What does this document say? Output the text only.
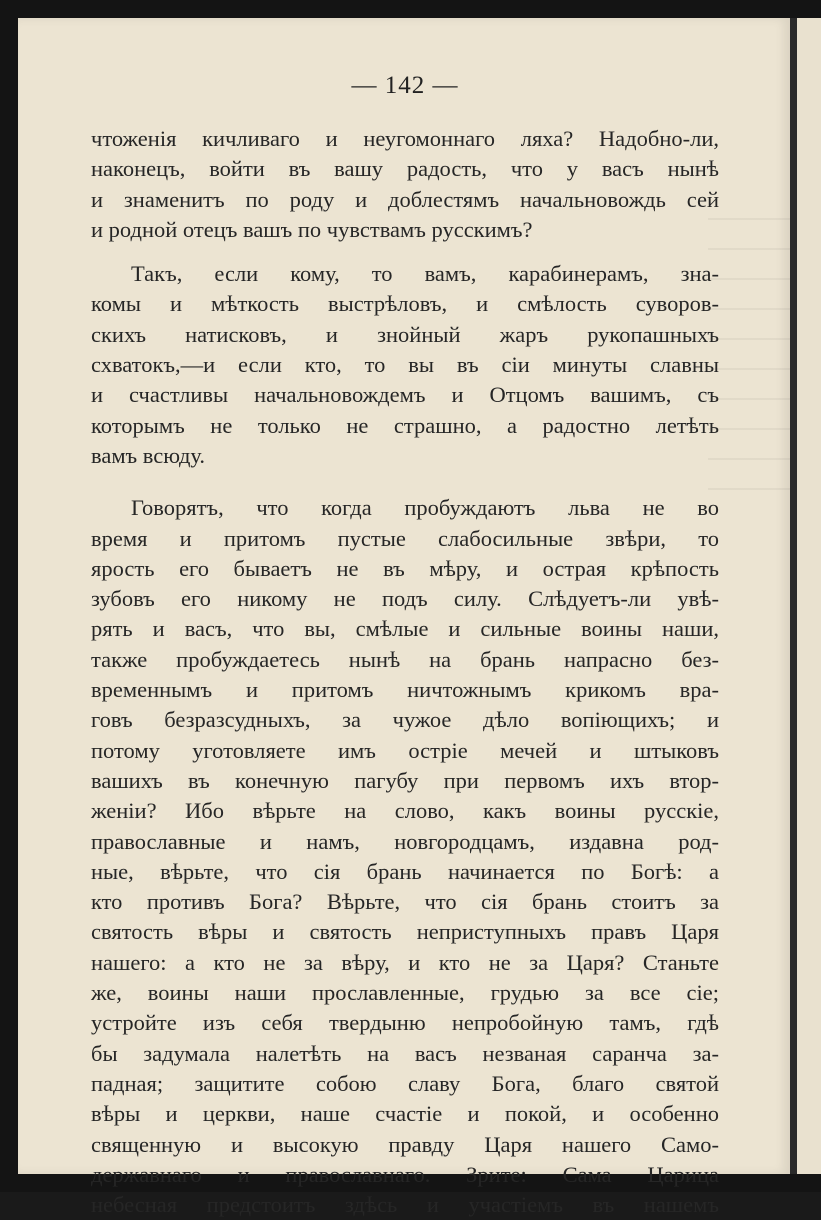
— 142 —
чтоженія кичливаго и неугомоннаго ляха? Надобно-ли,
наконецъ, войти въ вашу радость, что у васъ нынѣ
и знаменитъ по роду и доблестямъ начальновождь сей
и родной отецъ вашъ по чувствамъ русскимъ?
Такъ, если кому, то вамъ, карабинерамъ, зна-
комы и мѣткость выстрѣловъ, и смѣлость суворов-
скихъ натисковъ, и знойный жаръ рукопашныхъ
схватокъ,—и если кто, то вы въ сіи минуты славны
и счастливы начальновождемъ и Отцомъ вашимъ, съ
которымъ не только не страшно, а радостно летѣть
вамъ всюду.
Говорятъ, что когда пробуждаютъ льва не во
время и притомъ пустые слабосильные звѣри, то
ярость его бываетъ не въ мѣру, и острая крѣпость
зубовъ его никому не подъ силу. Слѣдуетъ-ли увѣ-
рять и васъ, что вы, смѣлые и сильные воины наши,
также пробуждаетесь нынѣ на брань напрасно без-
временнымъ и притомъ ничтожнымъ крикомъ вра-
говъ безразсудныхъ, за чужое дѣло вопіющихъ; и
потому уготовляете имъ остріе мечей и штыковъ
вашихъ въ конечную пагубу при первомъ ихъ втор-
женіи? Ибо вѣрьте на слово, какъ воины русскіе,
православные и намъ, новгородцамъ, издавна род-
ные, вѣрьте, что сія брань начинается по Богѣ: а
кто противъ Бога? Вѣрьте, что сія брань стоитъ за
святость вѣры и святость неприступныхъ правъ Царя
нашего: а кто не за вѣру, и кто не за Царя? Станьте
же, воины наши прославленные, грудью за все сіе;
устройте изъ себя твердыню непробойную тамъ, гдѣ
бы задумала налетѣть на васъ незваная саранча за-
падная; защитите собою славу Бога, благо святой
вѣры и церкви, наше счастіе и покой, и особенно
священную и высокую правду Царя нашего Само-
державнаго и православнаго. Зрите: Сама Царица
небесная предстоитъ здѣсь и участіемъ въ нашемъ
